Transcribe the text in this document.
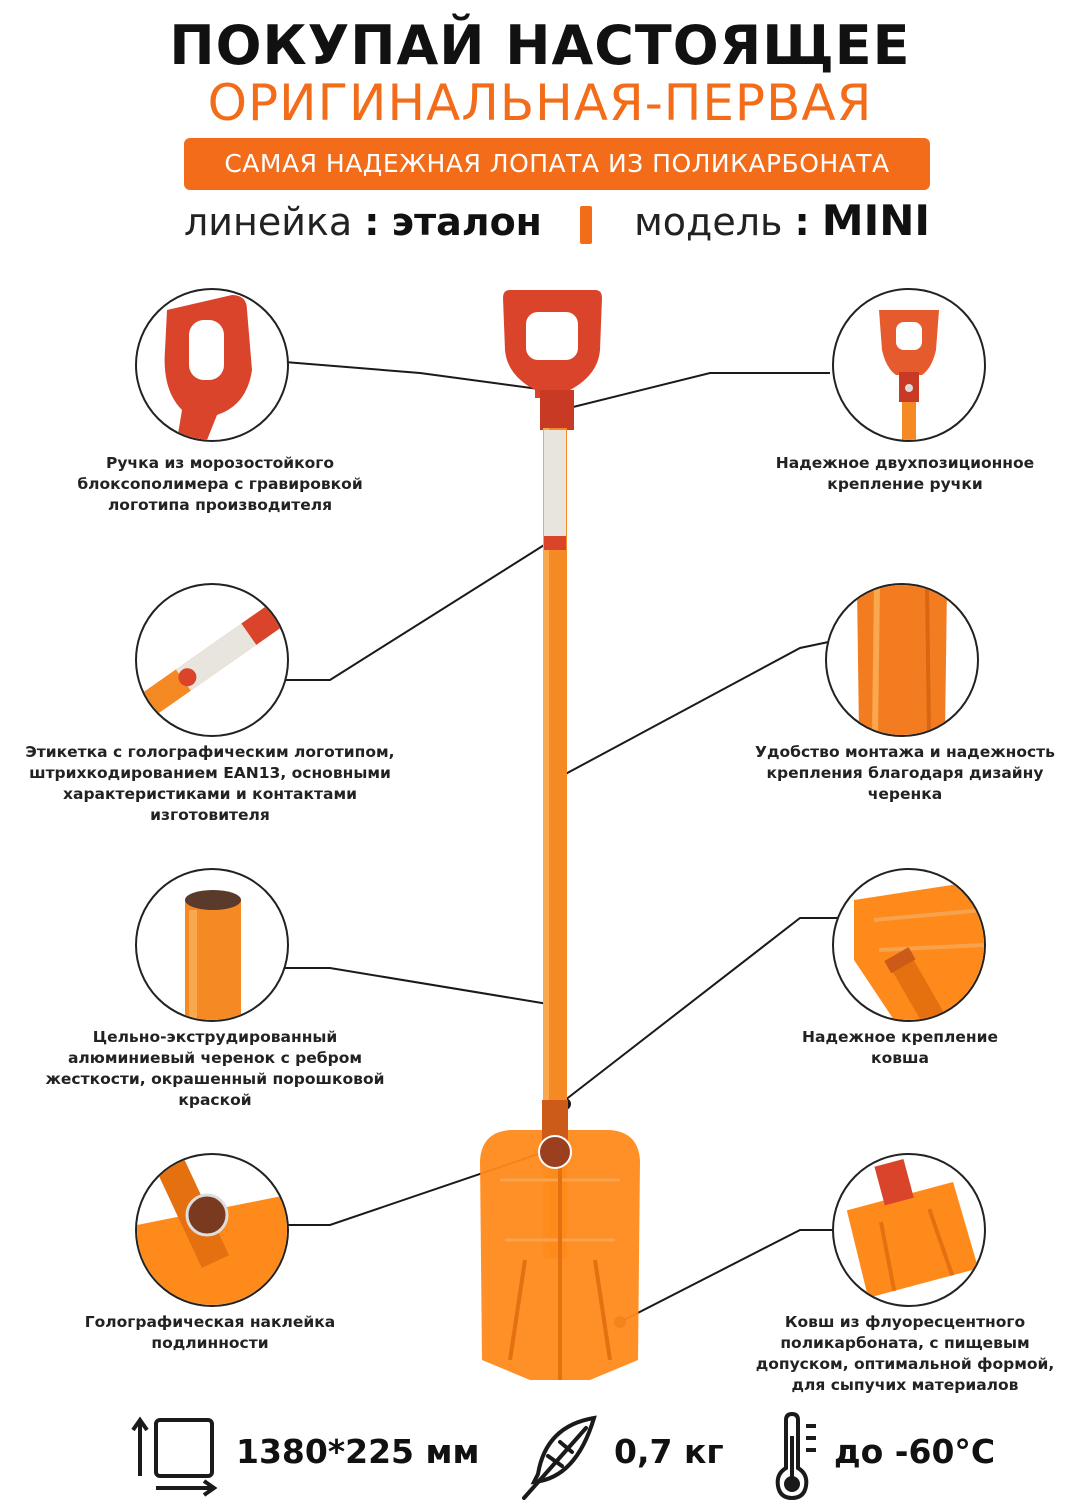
ПОКУПАЙ НАСТОЯЩЕЕ
ОРИГИНАЛЬНАЯ-ПЕРВАЯ
САМАЯ НАДЕЖНАЯ ЛОПАТА ИЗ ПОЛИКАРБОНАТА
линейка : эталон модель : MINI
Ручка из морозостойкого блоксополимера с гравировкой логотипа производителя
Надежное двухпозиционное крепление ручки
Этикетка с голографическим логотипом, штрихкодированием EAN13, основными характеристиками и контактами изготовителя
Удобство монтажа и надежность крепления благодаря дизайну черенка
Цельно-экструдированный алюминиевый черенок с ребром жесткости, окрашенный порошковой краской
Надежное крепление ковша
Голографическая наклейка подлинности
Ковш из флуоресцентного поликарбоната, с пищевым допуском, оптимальной формой, для сыпучих материалов
1380*225 мм	0,7 кг	до -60°C
